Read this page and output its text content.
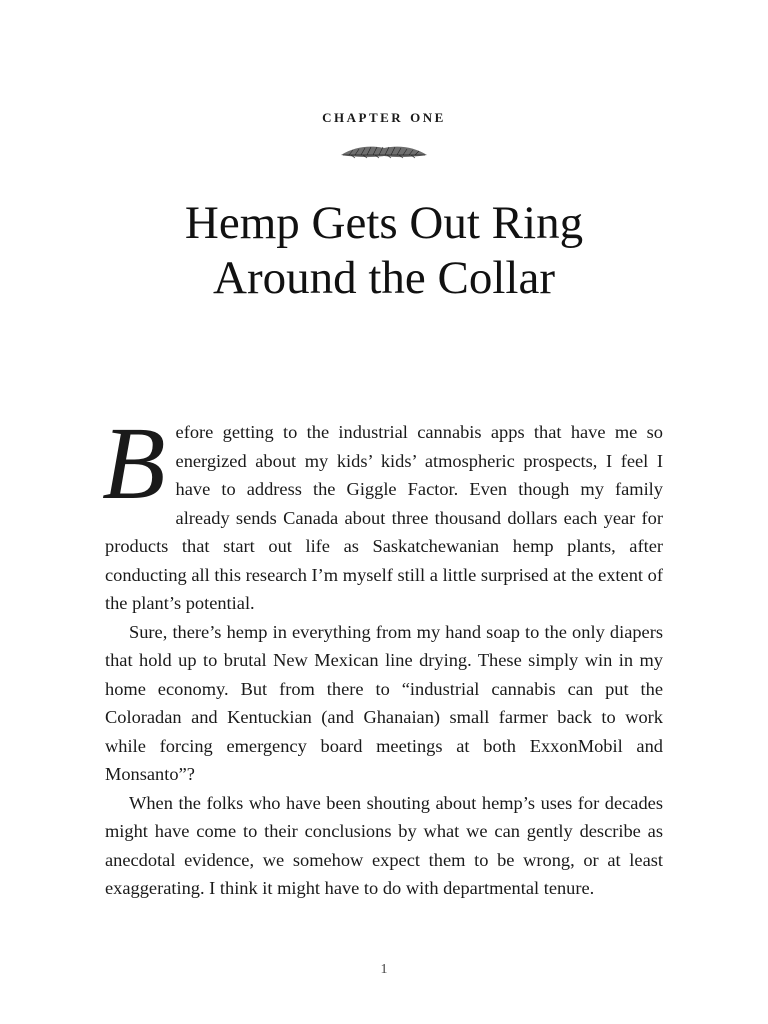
chapter one
Hemp Gets Out Ring
Around the Collar

Before getting to the industrial cannabis apps that have me so energized about my kids’ kids’ atmospheric prospects, I feel I have to address the Giggle Factor. Even though my family already sends Canada about three thousand dollars each year for products that start out life as Saskatchewanian hemp plants, after conducting all this research I’m myself still a little surprised at the extent of the plant’s potential.

Sure, there’s hemp in everything from my hand soap to the only diapers that hold up to brutal New Mexican line drying. These simply win in my home economy. But from there to “industrial cannabis can put the Coloradan and Kentuckian (and Ghanaian) small farmer back to work while forcing emergency board meetings at both ExxonMobil and Monsanto”?

When the folks who have been shouting about hemp’s uses for decades might have come to their conclusions by what we can gently describe as anecdotal evidence, we somehow expect them to be wrong, or at least exaggerating. I think it might have to do with departmental tenure.

1
